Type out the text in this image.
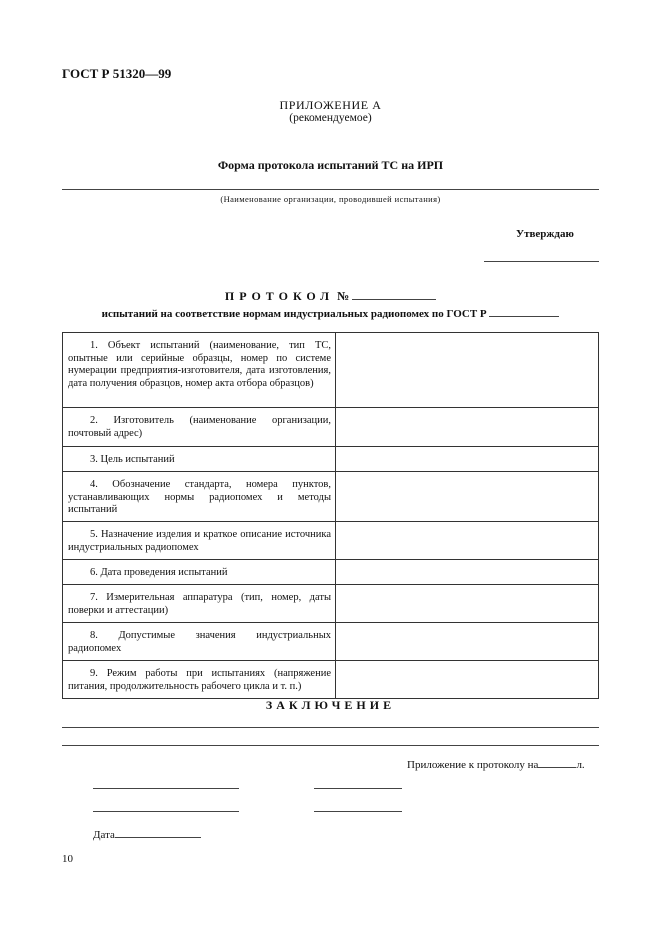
ГОСТ Р 51320—99
ПРИЛОЖЕНИЕ А
(рекомендуемое)
Форма протокола испытаний ТС на ИРП
(Наименование организации, проводившей испытания)
Утверждаю
ПРОТОКОЛ №
испытаний на соответствие нормам индустриальных радиопомех по ГОСТ Р
1. Объект испытаний (наименование, тип ТС, опытные или серийные образцы, номер по системе нумерации предприятия-изготовителя, дата изготовления, дата получения образцов, номер акта отбора образцов)	

2. Изготовитель (наименование организации, почтовый адрес)	

3. Цель испытаний	

4. Обозначение стандарта, номера пунктов, устанавливающих нормы радиопомех и методы испытаний	

5. Назначение изделия и краткое описание источника индустриальных радиопомех	

6. Дата проведения испытаний	

7. Измерительная аппаратура (тип, номер, даты поверки и аттестации)	

8. Допустимые значения индустриальных радиопомех	

9. Режим работы при испытаниях (напряжение питания, продолжительность рабочего цикла и т. п.)	

ЗАКЛЮЧЕНИЕ
Приложение к протоколу на	л.
Дата
10
